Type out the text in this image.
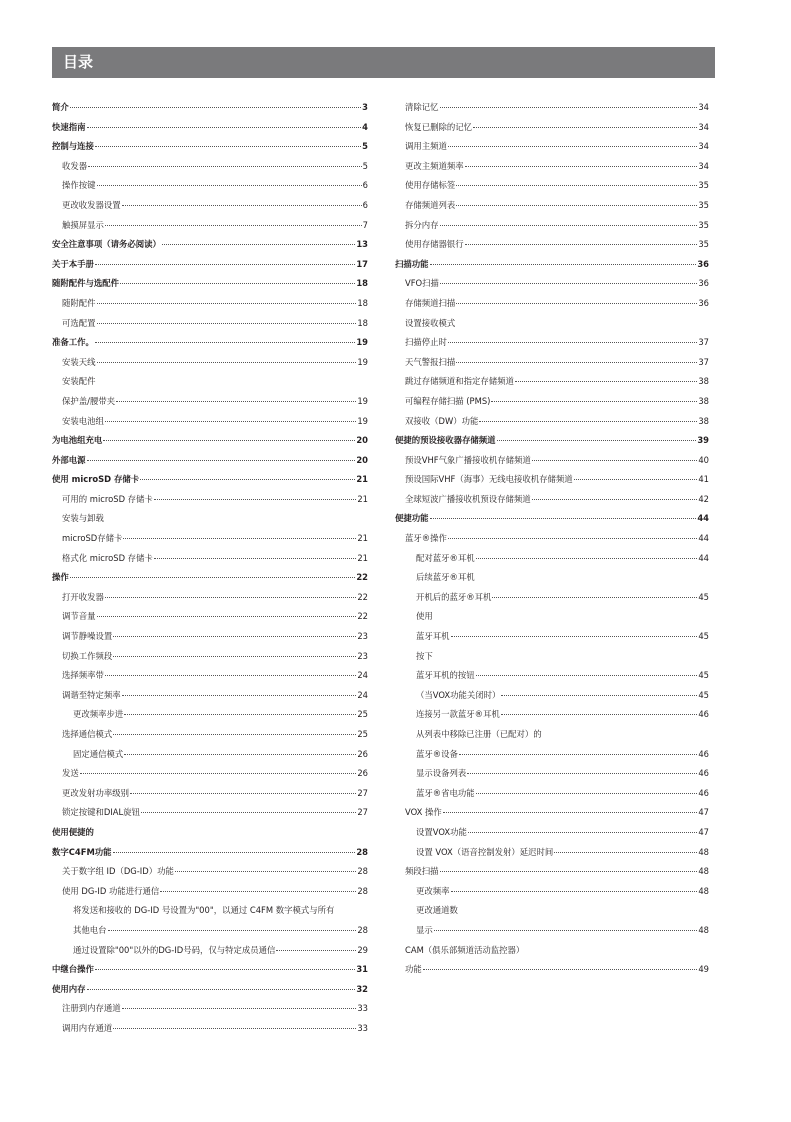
目录
简介	3
快速指南	4
控制与连接	5
收发器	5
操作按键	6
更改收发器设置	6
触摸屏显示	7
安全注意事项（请务必阅读）	13
关于本手册	17
随附配件与选配件	18
随附配件	18
可选配置	18
准备工作。	19
安装天线	19
安装配件
保护盖/腰带夹	19
安装电池组	19
为电池组充电	20
外部电源	20
使用 microSD 存储卡	21
可用的 microSD 存储卡	21
安装与卸载
microSD存储卡	21
格式化 microSD 存储卡	21
操作	22
打开收发器	22
调节音量	22
调节静噪设置	23
切换工作频段	23
选择频率带	24
调谐至特定频率	24
更改频率步进	25
选择通信模式	25
固定通信模式	26
发送	26
更改发射功率级别	27
锁定按键和DIAL旋钮	27
使用便捷的
数字C4FM功能	28
关于数字组 ID（DG-ID）功能	28
使用 DG-ID 功能进行通信	28
将发送和接收的 DG-ID 号设置为"00"，以通过 C4FM 数字模式与所有
其他电台	28
通过设置除"00"以外的DG-ID号码，仅与特定成员通信	29
中继台操作	31
使用内存	32
注册到内存通道	33
调用内存通道	33
清除记忆	34
恢复已删除的记忆	34
调用主频道	34
更改主频道频率	34
使用存储标签	35
存储频道列表	35
拆分内存	35
使用存储器银行	35
扫描功能	36
VFO扫描	36
存储频道扫描	36
设置接收模式
扫描停止时	37
天气警报扫描	37
跳过存储频道和指定存储频道	38
可编程存储扫描 (PMS)	38
双接收（DW）功能	38
便捷的预设接收器存储频道	39
预设VHF气象广播接收机存储频道	40
预设国际VHF（海事）无线电接收机存储频道	41
全球短波广播接收机预设存储频道	42
便捷功能	44
蓝牙®操作	44
配对蓝牙®耳机	44
后续蓝牙®耳机
开机后的蓝牙®耳机	45
使用
蓝牙耳机	45
按下
蓝牙耳机的按钮	45
（当VOX功能关闭时）	45
连接另一款蓝牙®耳机	46
从列表中移除已注册（已配对）的
蓝牙®设备	46
显示设备列表	46
蓝牙®省电功能	46
VOX 操作	47
设置VOX功能	47
设置 VOX（语音控制发射）延迟时间	48
频段扫描	48
更改频率	48
更改通道数
显示	48
CAM（俱乐部频道活动监控器）
功能	49
